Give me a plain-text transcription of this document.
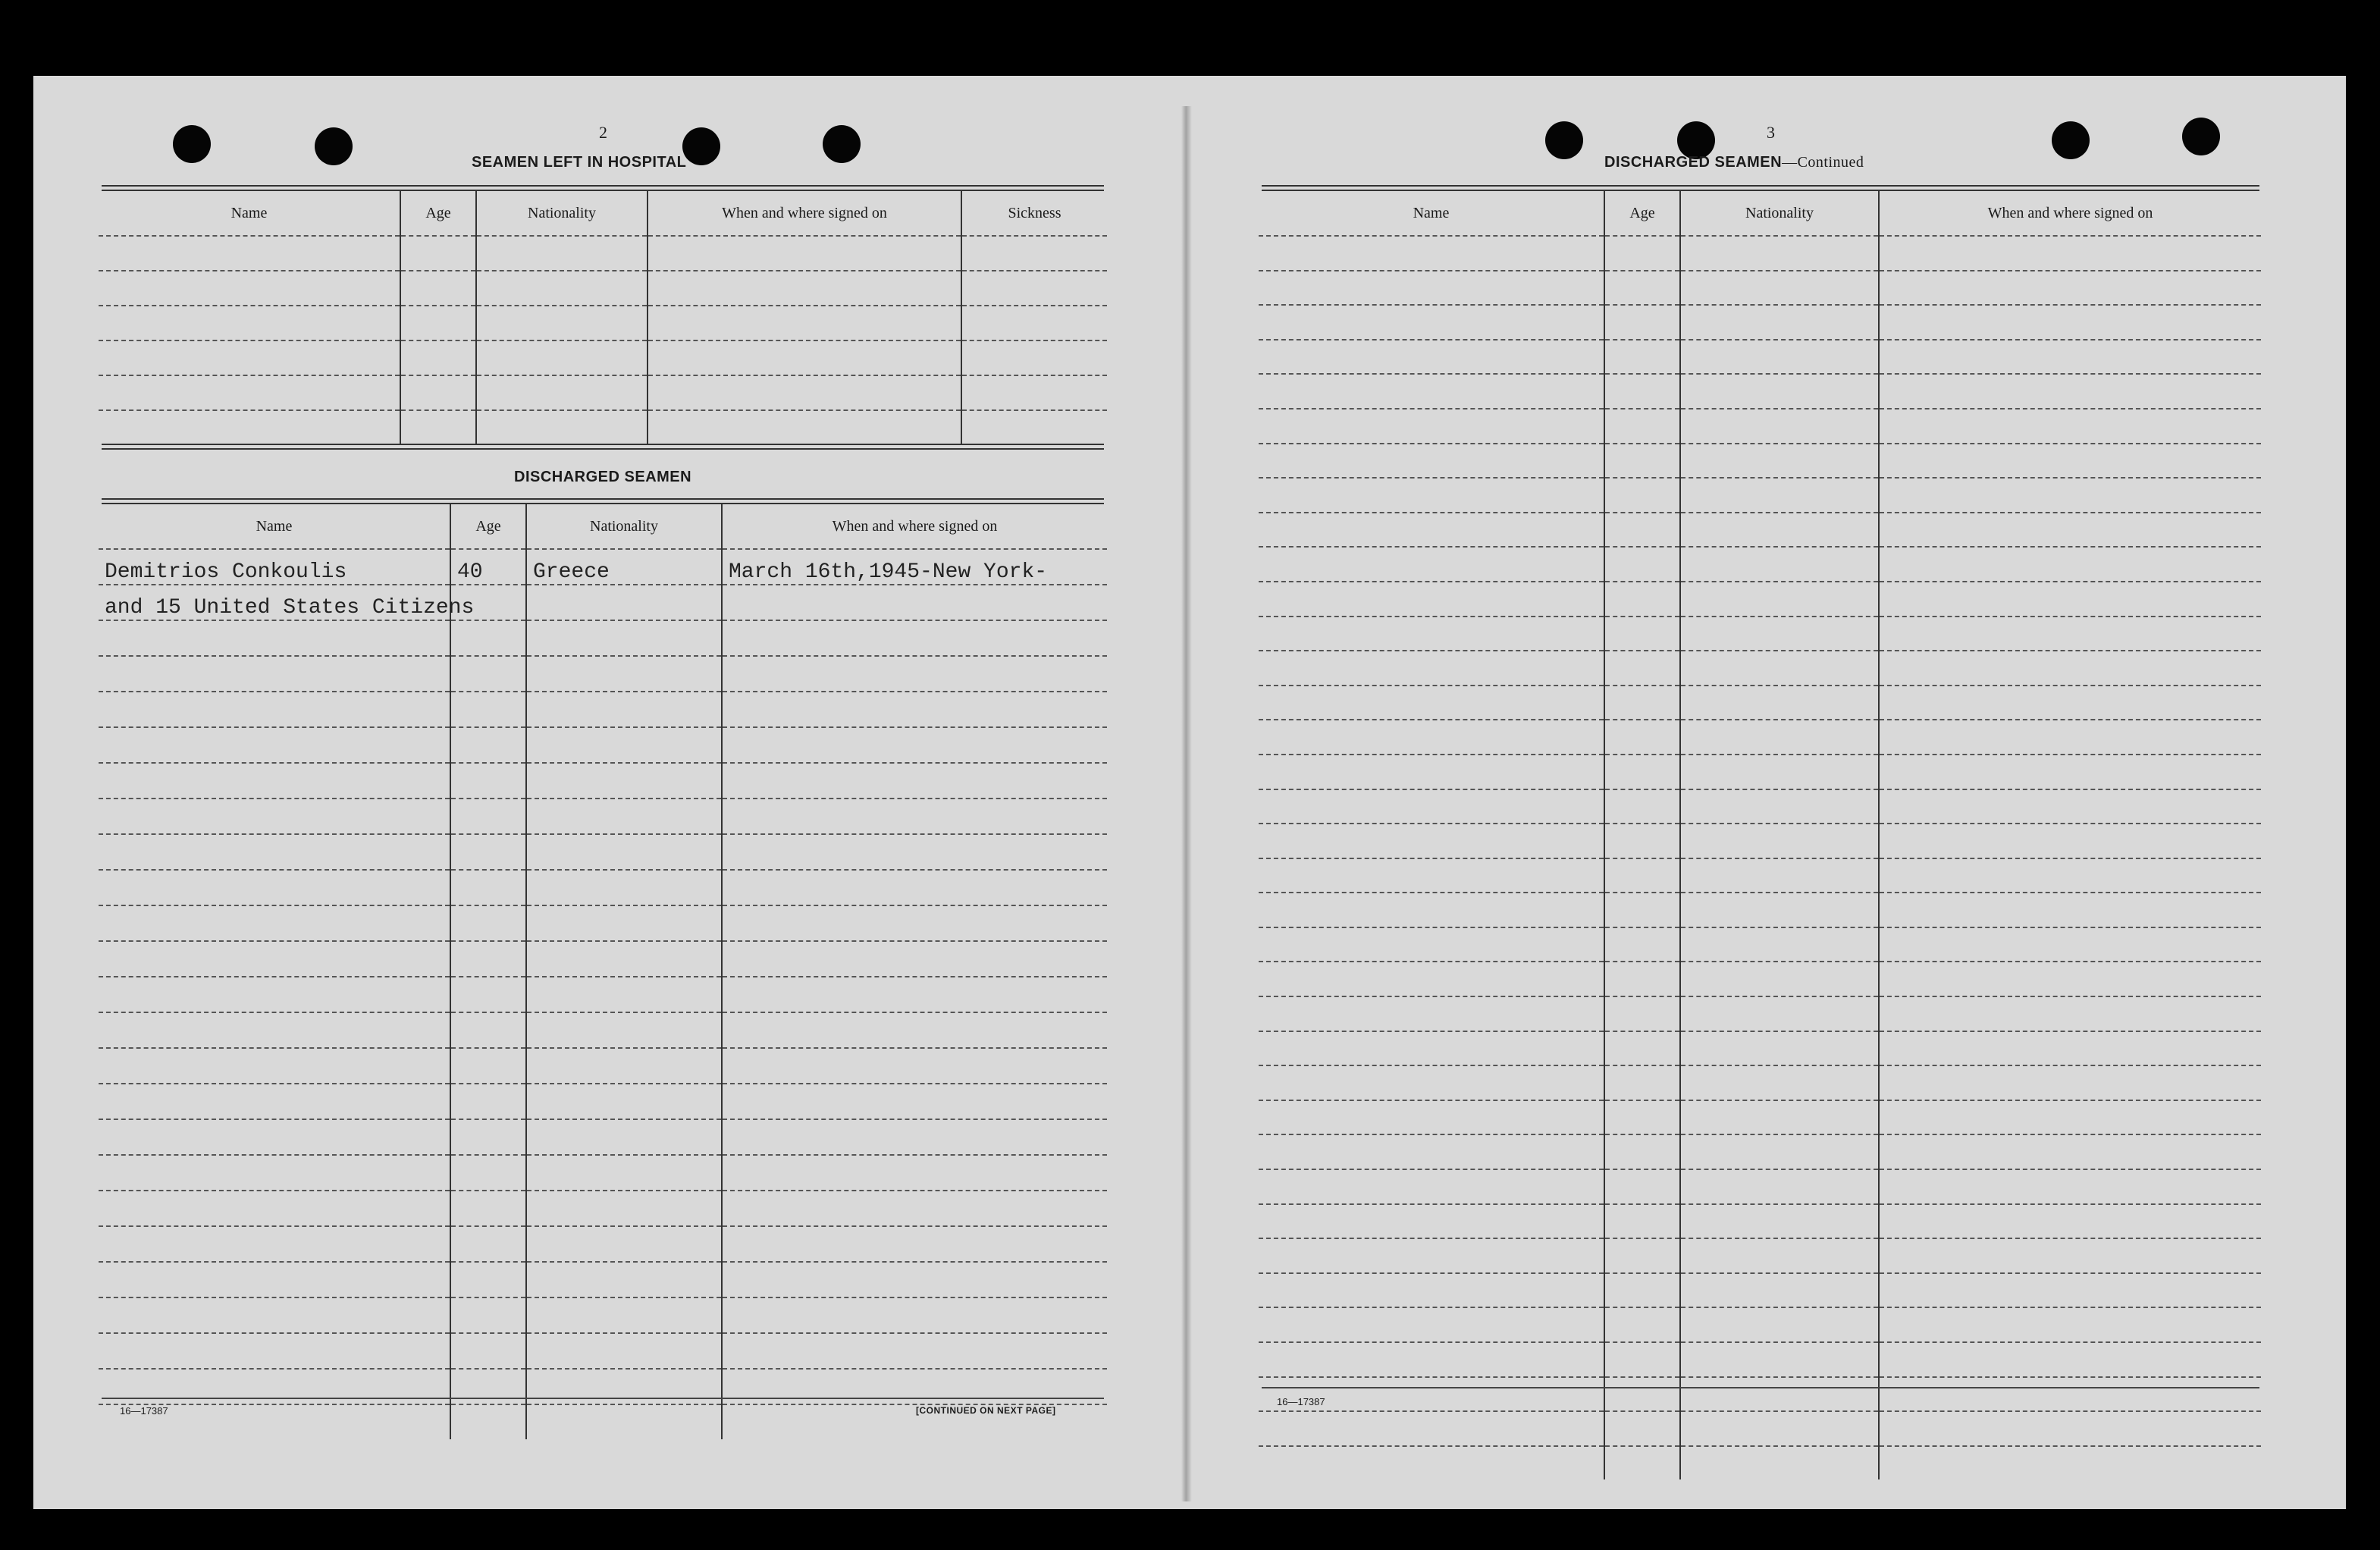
2
SEAMEN LEFT IN HOSPITAL
Name	Age	Nationality	When and where signed on	Sickness

DISCHARGED SEAMEN
Name	Age	Nationality	When and where signed on
Demitrios Conkoulis	40	Greece	March 16th,1945-New York-
and 15 United States Citizens			

16—17387	[CONTINUED ON NEXT PAGE]
3
DISCHARGED SEAMEN—Continued
Name	Age	Nationality	When and where signed on

16—17387
